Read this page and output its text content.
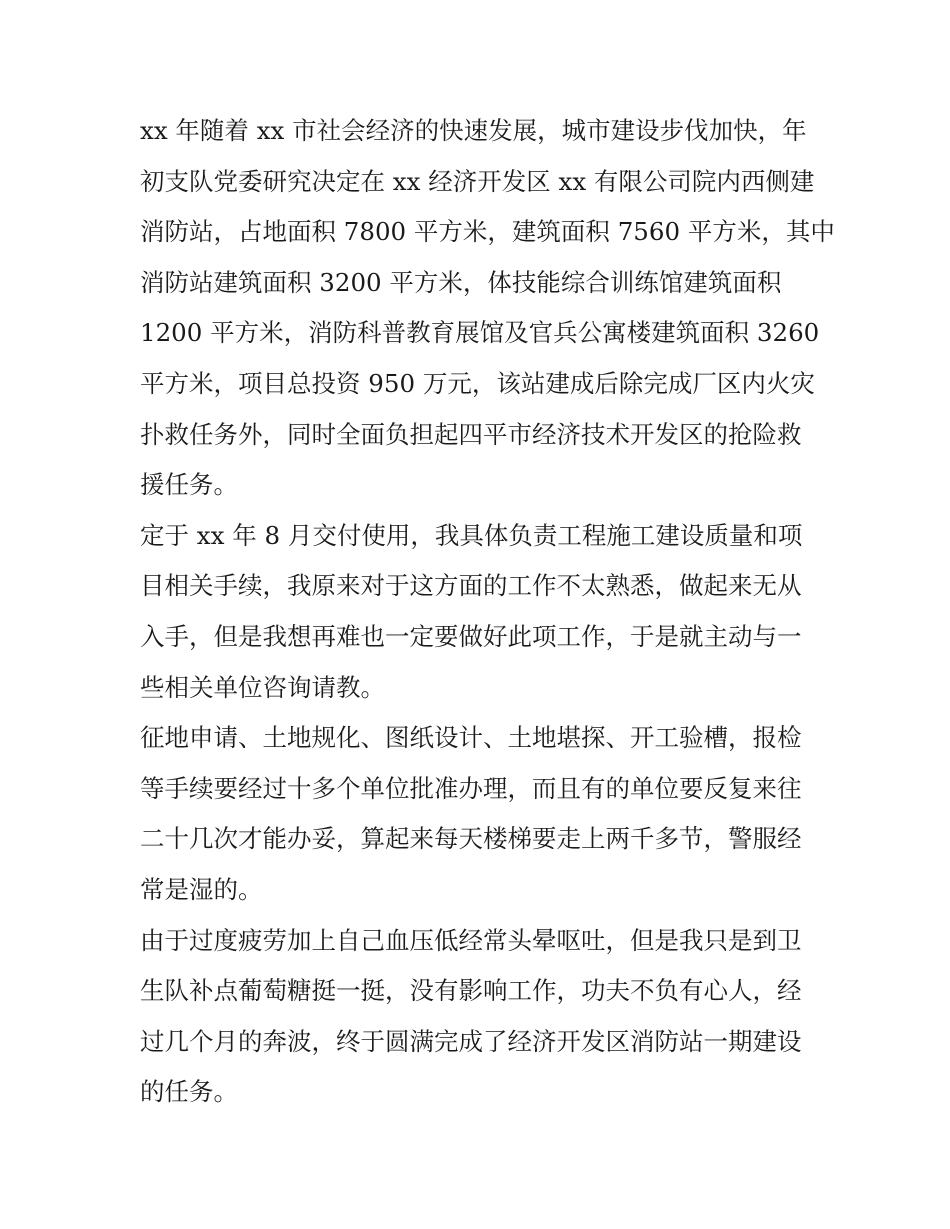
xx 年随着 xx 市社会经济的快速发展，城市建设步伐加快，年
初支队党委研究决定在 xx 经济开发区 xx 有限公司院内西侧建
消防站，占地面积 7800 平方米，建筑面积 7560 平方米，其中
消防站建筑面积 3200 平方米，体技能综合训练馆建筑面积
1200 平方米，消防科普教育展馆及官兵公寓楼建筑面积 3260
平方米，项目总投资 950 万元，该站建成后除完成厂区内火灾
扑救任务外，同时全面负担起四平市经济技术开发区的抢险救
援任务。

定于 xx 年 8 月交付使用，我具体负责工程施工建设质量和项
目相关手续，我原来对于这方面的工作不太熟悉，做起来无从
入手，但是我想再难也一定要做好此项工作，于是就主动与一
些相关单位咨询请教。

征地申请、土地规化、图纸设计、土地堪探、开工验槽，报检
等手续要经过十多个单位批准办理，而且有的单位要反复来往
二十几次才能办妥，算起来每天楼梯要走上两千多节，警服经
常是湿的。

由于过度疲劳加上自己血压低经常头晕呕吐，但是我只是到卫
生队补点葡萄糖挺一挺，没有影响工作，功夫不负有心人，经
过几个月的奔波，终于圆满完成了经济开发区消防站一期建设
的任务。
